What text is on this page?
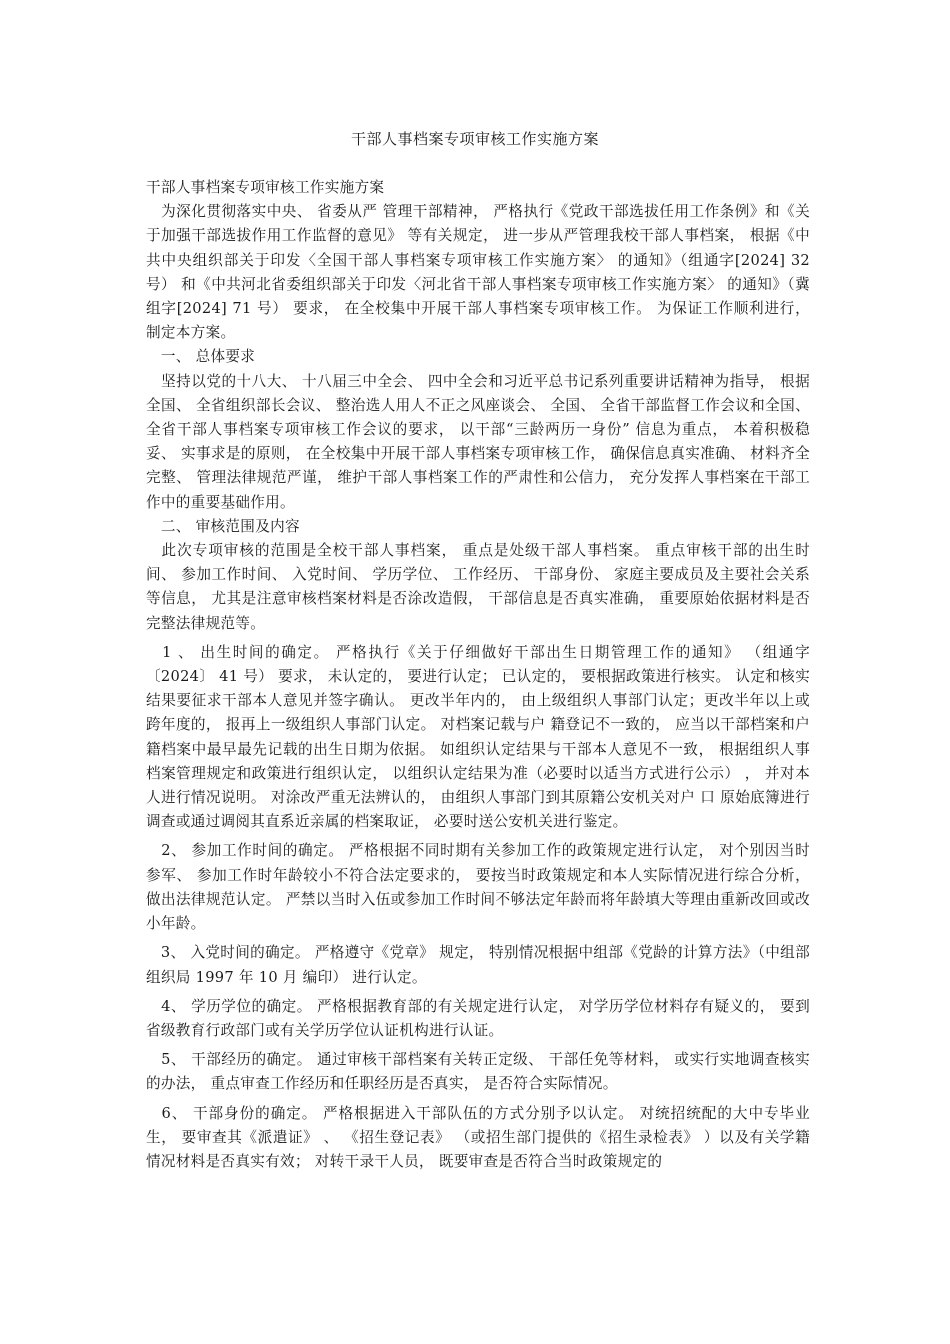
干部人事档案专项审核工作实施方案

干部人事档案专项审核工作实施方案

　为深化贯彻落实中央、 省委从严 管理干部精神， 严格执行《党政干部选拔任用工作条例》和《关于加强干部选拔作用工作监督的意见》 等有关规定， 进一步从严管理我校干部人事档案， 根据《中共中央组织部关于印发〈全国干部人事档案专项审核工作实施方案〉 的通知》（组通字[2024] 32 号） 和《中共河北省委组织部关于印发〈河北省干部人事档案专项审核工作实施方案〉 的通知》（冀组字[2024] 71 号） 要求， 在全校集中开展干部人事档案专项审核工作。 为保证工作顺利进行， 制定本方案。

　一、 总体要求

　坚持以党的十八大、 十八届三中全会、 四中全会和习近平总书记系列重要讲话精神为指导， 根据全国、 全省组织部长会议、 整治选人用人不正之风座谈会、 全国、 全省干部监督工作会议和全国、 全省干部人事档案专项审核工作会议的要求， 以干部“三龄两历一身份” 信息为重点， 本着积极稳妥、 实事求是的原则， 在全校集中开展干部人事档案专项审核工作， 确保信息真实准确、 材料齐全完整、 管理法律规范严谨， 维护干部人事档案工作的严肃性和公信力， 充分发挥人事档案在干部工作中的重要基础作用。

　二、 审核范围及内容

　此次专项审核的范围是全校干部人事档案， 重点是处级干部人事档案。 重点审核干部的出生时间、 参加工作时间、 入党时间、 学历学位、 工作经历、 干部身份、 家庭主要成员及主要社会关系等信息， 尤其是注意审核档案材料是否涂改造假， 干部信息是否真实准确， 重要原始依据材料是否完整法律规范等。

　1 、 出生时间的确定。 严格执行《关于仔细做好干部出生日期管理工作的通知》 （组通字〔2024〕 41 号） 要求， 未认定的， 要进行认定； 已认定的， 要根据政策进行核实。 认定和核实结果要征求干部本人意见并签字确认。 更改半年内的， 由上级组织人事部门认定；更改半年以上或跨年度的， 报再上一级组织人事部门认定。 对档案记载与户 籍登记不一致的， 应当以干部档案和户 籍档案中最早最先记载的出生日期为依据。 如组织认定结果与干部本人意见不一致， 根据组织人事档案管理规定和政策进行组织认定， 以组织认定结果为准（必要时以适当方式进行公示） ， 并对本人进行情况说明。 对涂改严重无法辨认的， 由组织人事部门到其原籍公安机关对户 口 原始底簿进行调查或通过调阅其直系近亲属的档案取证， 必要时送公安机关进行鉴定。

　2、 参加工作时间的确定。 严格根据不同时期有关参加工作的政策规定进行认定， 对个别因当时参军、 参加工作时年龄较小不符合法定要求的， 要按当时政策规定和本人实际情况进行综合分析， 做出法律规范认定。 严禁以当时入伍或参加工作时间不够法定年龄而将年龄填大等理由重新改回或改小年龄。

　3、 入党时间的确定。 严格遵守《党章》 规定， 特别情况根据中组部《党龄的计算方法》（中组部组织局 1997 年 10 月 编印） 进行认定。

　4、 学历学位的确定。 严格根据教育部的有关规定进行认定， 对学历学位材料存有疑义的， 要到省级教育行政部门或有关学历学位认证机构进行认证。

　5、 干部经历的确定。 通过审核干部档案有关转正定级、 干部任免等材料， 或实行实地调查核实的办法， 重点审查工作经历和任职经历是否真实， 是否符合实际情况。

　6、 干部身份的确定。 严格根据进入干部队伍的方式分别予以认定。 对统招统配的大中专毕业生， 要审查其《派遣证》 、 《招生登记表》 （或招生部门提供的《招生录检表》 ）以及有关学籍情况材料是否真实有效； 对转干录干人员， 既要审查是否符合当时政策规定的
